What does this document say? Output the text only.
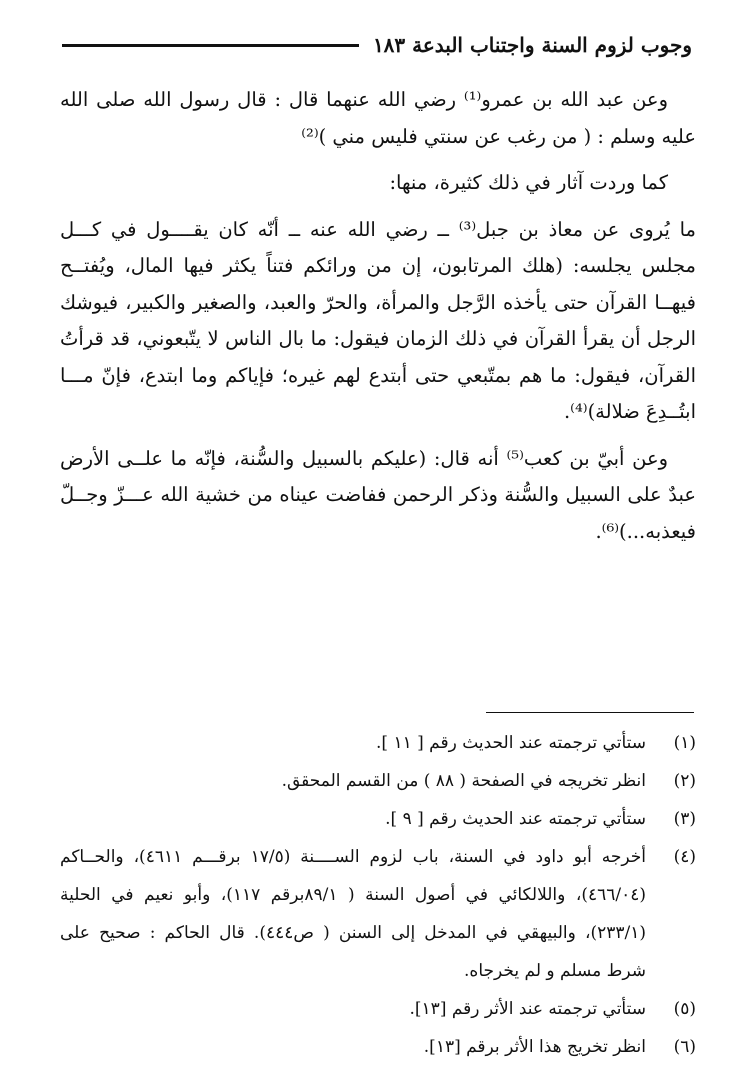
وجوب لزوم السنة واجتناب البدعة ١٨٣

وعن عبد الله بن عمرو⁽¹⁾ رضي الله عنهما قال : قال رسول الله صلى الله عليه وسلم : ( من رغب عن سنتي فليس مني )⁽²⁾

كما وردت آثار في ذلك كثيرة، منها:

ما يُروى عن معاذ بن جبل⁽³⁾ ــ رضي الله عنه ــ أنّه كان يقــــول في كـــل مجلس يجلسه: (هلك المرتابون، إن من ورائكم فتناً يكثر فيها المال، ويُفتــح فيهــا القرآن حتى يأخذه الرَّجل والمرأة، والحرّ والعبد، والصغير والكبير، فيوشك الرجل أن يقرأ القرآن في ذلك الزمان فيقول: ما بال الناس لا يتّبعوني، قد قرأتُ القرآن، فيقول: ما هم بمتّبعي حتى أبتدع لهم غيره؛ فإياكم وما ابتدع، فإنّ مـــا ابتُــدِعَ ضلالة)⁽⁴⁾.

وعن أبيّ بن كعب⁽⁵⁾ أنه قال: (عليكم بالسبيل والسُّنة، فإنّه ما علــى الأرض عبدٌ على السبيل والسُّنة وذكر الرحمن ففاضت عيناه من خشية الله عـــزّ وجــلّ فيعذبه...)⁽⁶⁾.

(١)
ستأتي ترجمته عند الحديث رقم [ ١١ ].
(٢)
انظر تخريجه في الصفحة ( ٨٨ ) من القسم المحقق.
(٣)
ستأتي ترجمته عند الحديث رقم [ ٩ ].
(٤)
أخرجه أبو داود في السنة، باب لزوم الســــنة (١٧/٥ برقـــم ٤٦١١)، والحــاكم (٤٦٦/٠٤)، واللالكائي في أصول السنة ( ٨٩/١برقم ١١٧)، وأبو نعيم في الحلية (٢٣٣/١)، والبيهقي في المدخل إلى السنن ( ص٤٤٤). قال الحاكم : صحيح على شرط مسلم و لم يخرجاه.
(٥)
ستأتي ترجمته عند الأثر رقم [١٣].
(٦)
انظر تخريج هذا الأثر برقم [١٣].
